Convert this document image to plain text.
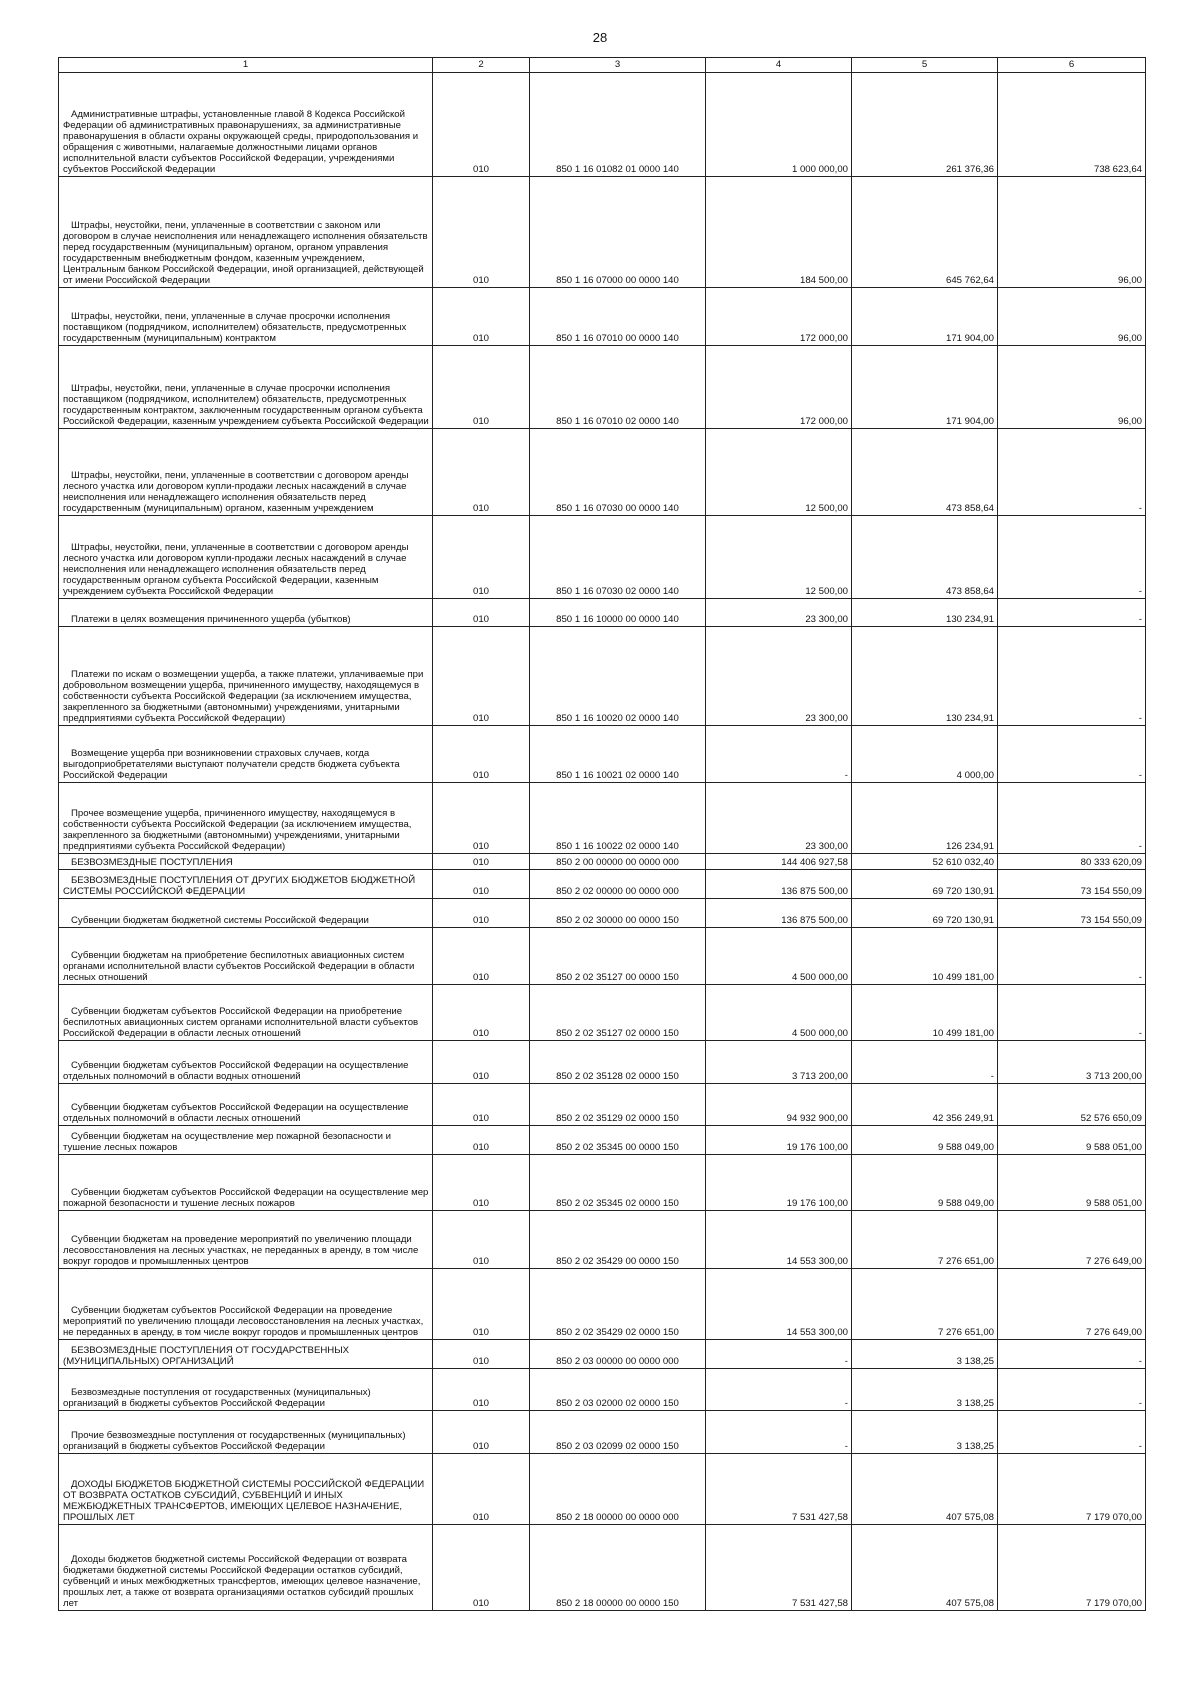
28
1	2	3	4	5	6
Административные штрафы, установленные главой 8 Кодекса Российской Федерации об административных правонарушениях, за административные правонарушения в области охраны окружающей среды, природопользования и обращения с животными, налагаемые должностными лицами органов исполнительной власти субъектов Российской Федерации, учреждениями субъектов Российской Федерации	010	850 1 16 01082 01 0000 140	1 000 000,00	261 376,36	738 623,64
Штрафы, неустойки, пени, уплаченные в соответствии с законом или договором в случае неисполнения или ненадлежащего исполнения обязательств перед государственным (муниципальным) органом, органом управления государственным внебюджетным фондом, казенным учреждением, Центральным банком Российской Федерации, иной организацией, действующей от имени Российской Федерации	010	850 1 16 07000 00 0000 140	184 500,00	645 762,64	96,00
Штрафы, неустойки, пени, уплаченные в случае просрочки исполнения поставщиком (подрядчиком, исполнителем) обязательств, предусмотренных государственным (муниципальным) контрактом	010	850 1 16 07010 00 0000 140	172 000,00	171 904,00	96,00
Штрафы, неустойки, пени, уплаченные в случае просрочки исполнения поставщиком (подрядчиком, исполнителем) обязательств, предусмотренных государственным контрактом, заключенным государственным органом субъекта Российской Федерации, казенным учреждением субъекта Российской Федерации	010	850 1 16 07010 02 0000 140	172 000,00	171 904,00	96,00
Штрафы, неустойки, пени, уплаченные в соответствии с договором аренды лесного участка или договором купли-продажи лесных насаждений в случае неисполнения или ненадлежащего исполнения обязательств перед государственным (муниципальным) органом, казенным учреждением	010	850 1 16 07030 00 0000 140	12 500,00	473 858,64	-
Штрафы, неустойки, пени, уплаченные в соответствии с договором аренды лесного участка или договором купли-продажи лесных насаждений в случае неисполнения или ненадлежащего исполнения обязательств перед государственным органом субъекта Российской Федерации, казенным учреждением субъекта Российской Федерации	010	850 1 16 07030 02 0000 140	12 500,00	473 858,64	-
Платежи в целях возмещения причиненного ущерба (убытков)	010	850 1 16 10000 00 0000 140	23 300,00	130 234,91	-
Платежи по искам о возмещении ущерба, а также платежи, уплачиваемые при добровольном возмещении ущерба, причиненного имуществу, находящемуся в собственности субъекта Российской Федерации (за исключением имущества, закрепленного за бюджетными (автономными) учреждениями, унитарными предприятиями субъекта Российской Федерации)	010	850 1 16 10020 02 0000 140	23 300,00	130 234,91	-
Возмещение ущерба при возникновении страховых случаев, когда выгодоприобретателями выступают получатели средств бюджета субъекта Российской Федерации	010	850 1 16 10021 02 0000 140	-	4 000,00	-
Прочее возмещение ущерба, причиненного имуществу, находящемуся в собственности субъекта Российской Федерации (за исключением имущества, закрепленного за бюджетными (автономными) учреждениями, унитарными предприятиями субъекта Российской Федерации)	010	850 1 16 10022 02 0000 140	23 300,00	126 234,91	-
БЕЗВОЗМЕЗДНЫЕ ПОСТУПЛЕНИЯ	010	850 2 00 00000 00 0000 000	144 406 927,58	52 610 032,40	80 333 620,09
БЕЗВОЗМЕЗДНЫЕ ПОСТУПЛЕНИЯ ОТ ДРУГИХ БЮДЖЕТОВ БЮДЖЕТНОЙ СИСТЕМЫ РОССИЙСКОЙ ФЕДЕРАЦИИ	010	850 2 02 00000 00 0000 000	136 875 500,00	69 720 130,91	73 154 550,09
Субвенции бюджетам бюджетной системы Российской Федерации	010	850 2 02 30000 00 0000 150	136 875 500,00	69 720 130,91	73 154 550,09
Субвенции бюджетам на приобретение беспилотных авиационных систем органами исполнительной власти субъектов Российской Федерации в области лесных отношений	010	850 2 02 35127 00 0000 150	4 500 000,00	10 499 181,00	-
Субвенции бюджетам субъектов Российской Федерации на приобретение беспилотных авиационных систем органами исполнительной власти субъектов Российской Федерации в области лесных отношений	010	850 2 02 35127 02 0000 150	4 500 000,00	10 499 181,00	-
Субвенции бюджетам субъектов Российской Федерации на осуществление отдельных полномочий в области водных отношений	010	850 2 02 35128 02 0000 150	3 713 200,00	-	3 713 200,00
Субвенции бюджетам субъектов Российской Федерации на осуществление отдельных полномочий в области лесных отношений	010	850 2 02 35129 02 0000 150	94 932 900,00	42 356 249,91	52 576 650,09
Субвенции бюджетам на осуществление мер пожарной безопасности и тушение лесных пожаров	010	850 2 02 35345 00 0000 150	19 176 100,00	9 588 049,00	9 588 051,00
Субвенции бюджетам субъектов Российской Федерации на осуществление мер пожарной безопасности и тушение лесных пожаров	010	850 2 02 35345 02 0000 150	19 176 100,00	9 588 049,00	9 588 051,00
Субвенции бюджетам на проведение мероприятий по увеличению площади лесовосстановления на лесных участках, не переданных в аренду, в том числе вокруг городов и промышленных центров	010	850 2 02 35429 00 0000 150	14 553 300,00	7 276 651,00	7 276 649,00
Субвенции бюджетам субъектов Российской Федерации на проведение мероприятий по увеличению площади лесовосстановления на лесных участках, не переданных в аренду, в том числе вокруг городов и промышленных центров	010	850 2 02 35429 02 0000 150	14 553 300,00	7 276 651,00	7 276 649,00
БЕЗВОЗМЕЗДНЫЕ ПОСТУПЛЕНИЯ ОТ ГОСУДАРСТВЕННЫХ (МУНИЦИПАЛЬНЫХ) ОРГАНИЗАЦИЙ	010	850 2 03 00000 00 0000 000	-	3 138,25	-
Безвозмездные поступления от государственных (муниципальных) организаций в бюджеты субъектов Российской Федерации	010	850 2 03 02000 02 0000 150	-	3 138,25	-
Прочие безвозмездные поступления от государственных (муниципальных) организаций в бюджеты субъектов Российской Федерации	010	850 2 03 02099 02 0000 150	-	3 138,25	-
ДОХОДЫ БЮДЖЕТОВ БЮДЖЕТНОЙ СИСТЕМЫ РОССИЙСКОЙ ФЕДЕРАЦИИ ОТ ВОЗВРАТА ОСТАТКОВ СУБСИДИЙ, СУБВЕНЦИЙ И ИНЫХ МЕЖБЮДЖЕТНЫХ ТРАНСФЕРТОВ, ИМЕЮЩИХ ЦЕЛЕВОЕ НАЗНАЧЕНИЕ, ПРОШЛЫХ ЛЕТ	010	850 2 18 00000 00 0000 000	7 531 427,58	407 575,08	7 179 070,00
Доходы бюджетов бюджетной системы Российской Федерации от возврата бюджетами бюджетной системы Российской Федерации остатков субсидий, субвенций и иных межбюджетных трансфертов, имеющих целевое назначение, прошлых лет, а также от возврата организациями остатков субсидий прошлых лет	010	850 2 18 00000 00 0000 150	7 531 427,58	407 575,08	7 179 070,00
